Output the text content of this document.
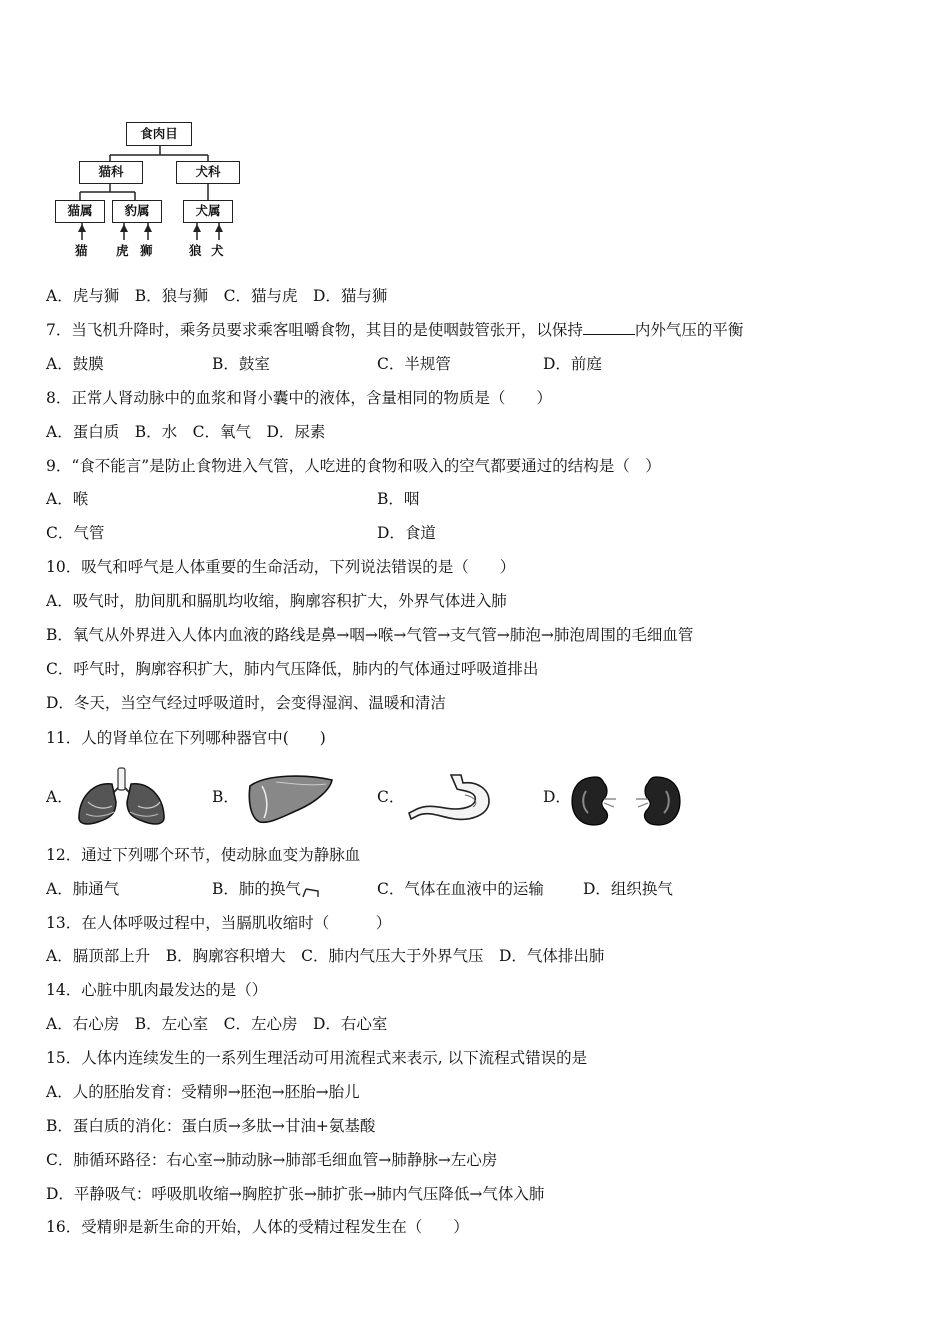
食肉目
猫科	犬科
猫属	豹属	犬属
猫 虎 狮	狼 犬
A．虎与狮　B．狼与狮　C．猫与虎　D．猫与狮
7．当飞机升降时，乘务员要求乘客咀嚼食物，其目的是使咽鼓管张开，以保持	内外气压的平衡
A．鼓膜	B．鼓室	C．半规管	D．前庭
8．正常人肾动脉中的血浆和肾小囊中的液体，含量相同的物质是（　　）
A．蛋白质　B．水　C．氧气　D．尿素
9．“食不能言”是防止食物进入气管，人吃进的食物和吸入的空气都要通过的结构是（　）
A．喉	B．咽
C．气管	D．食道
10．吸气和呼气是人体重要的生命活动，下列说法错误的是（　　）
A．吸气时，肋间肌和膈肌均收缩，胸廓容积扩大，外界气体进入肺
B．氧气从外界进入人体内血液的路线是鼻→咽→喉→气管→支气管→肺泡→肺泡周围的毛细血管
C．呼气时，胸廓容积扩大，肺内气压降低，肺内的气体通过呼吸道排出
D．冬天，当空气经过呼吸道时，会变得湿润、温暖和清洁
11．人的肾单位在下列哪种器官中(　　)
A．	B．	C．	D．
12．通过下列哪个环节，使动脉血变为静脉血
A．肺通气	B．肺的换气	C．气体在血液中的运输	D．组织换气
13．在人体呼吸过程中，当膈肌收缩时（　　　）
A．膈顶部上升　B．胸廓容积增大　C．肺内气压大于外界气压　D．气体排出肺
14．心脏中肌肉最发达的是（）
A．右心房　B．左心室　C．左心房　D．右心室
15．人体内连续发生的一系列生理活动可用流程式来表示, 以下流程式错误的是
A．人的胚胎发育：受精卵→胚泡→胚胎→胎儿
B．蛋白质的消化：蛋白质→多肽→甘油+氨基酸
C．肺循环路径：右心室→肺动脉→肺部毛细血管→肺静脉→左心房
D．平静吸气：呼吸肌收缩→胸腔扩张→肺扩张→肺内气压降低→气体入肺
16．受精卵是新生命的开始，人体的受精过程发生在（　　）
